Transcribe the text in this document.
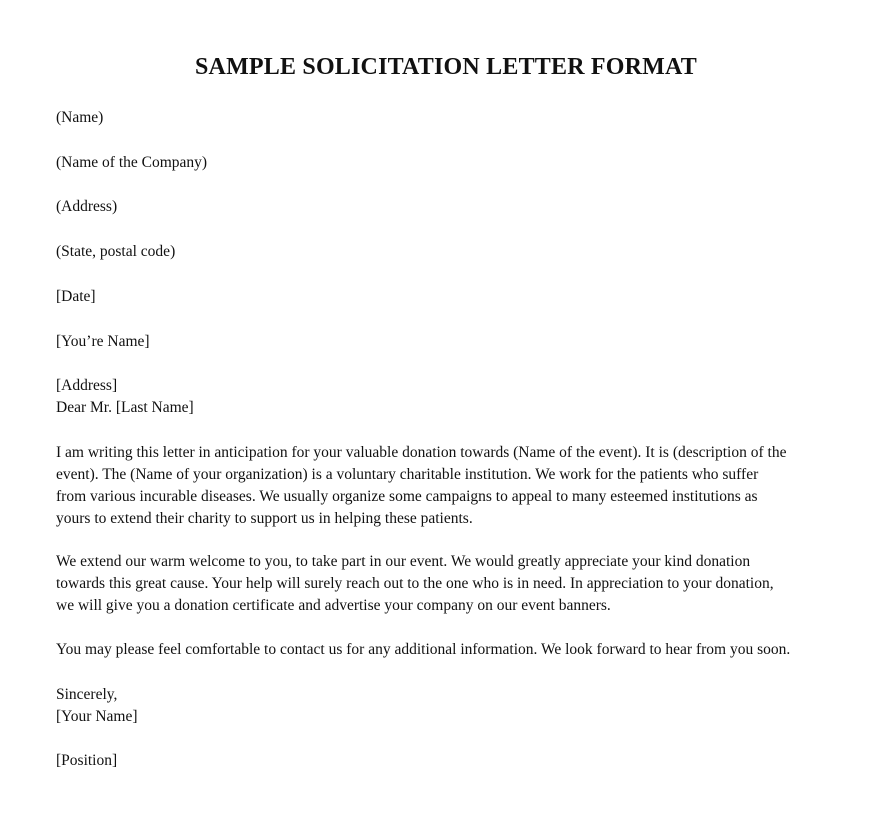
SAMPLE SOLICITATION LETTER FORMAT

(Name)

(Name of the Company)

(Address)

(State, postal code)

[Date]

[You’re Name]

[Address]

Dear Mr. [Last Name]

I am writing this letter in anticipation for your valuable donation towards (Name of the event). It is (description of the
event). The (Name of your organization) is a voluntary charitable institution. We work for the patients who suffer
from various incurable diseases. We usually organize some campaigns to appeal to many esteemed institutions as
yours to extend their charity to support us in helping these patients.
We extend our warm welcome to you, to take part in our event. We would greatly appreciate your kind donation
towards this great cause. Your help will surely reach out to the one who is in need. In appreciation to your donation,
we will give you a donation certificate and advertise your company on our event banners.

You may please feel comfortable to contact us for any additional information. We look forward to hear from you soon.

Sincerely,

[Your Name]

[Position]
